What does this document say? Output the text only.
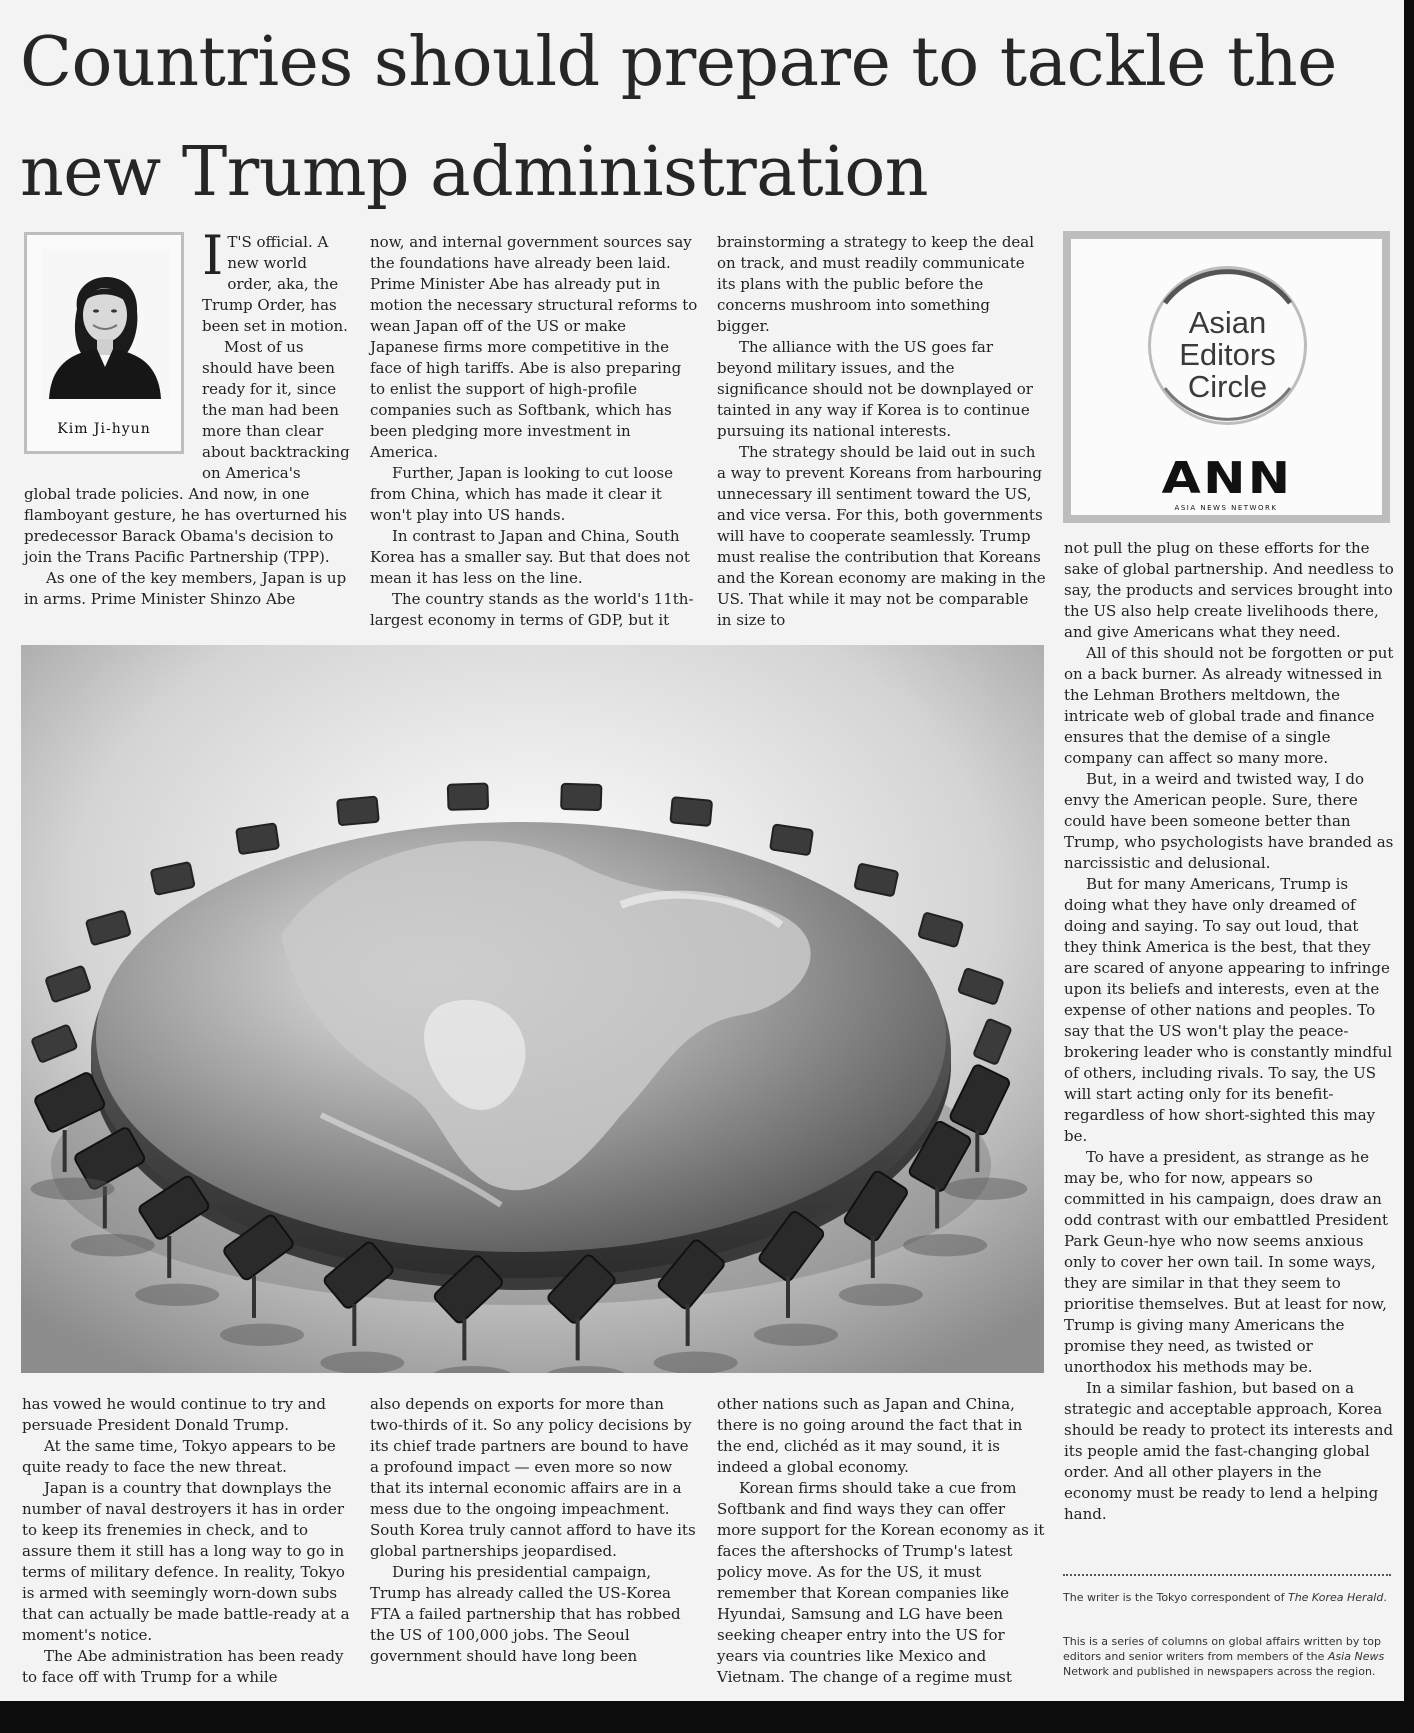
Countries should prepare to tackle the new Trump administration
Kim Ji-hyun

I T'S official. A new world order, aka, the Trump Order, has been set in motion.

Most of us should have been ready for it, since the man had been more than clear about backtracking on America's global trade policies. And now, in one flamboyant gesture, he has overturned his predecessor Barack Obama's decision to join the Trans Pacific Partnership (TPP).

As one of the key members, Japan is up in arms. Prime Minister Shinzo Abe

now, and internal government sources say the foundations have already been laid. Prime Minister Abe has already put in motion the necessary structural reforms to wean Japan off of the US or make Japanese firms more competitive in the face of high tariffs. Abe is also preparing to enlist the support of high-profile companies such as Softbank, which has been pledging more investment in America.

Further, Japan is looking to cut loose from China, which has made it clear it won't play into US hands.

In contrast to Japan and China, South Korea has a smaller say. But that does not mean it has less on the line.

The country stands as the world's 11th-largest economy in terms of GDP, but it

brainstorming a strategy to keep the deal on track, and must readily communicate its plans with the public before the concerns mushroom into something bigger.

The alliance with the US goes far beyond military issues, and the significance should not be downplayed or tainted in any way if Korea is to continue pursuing its national interests.

The strategy should be laid out in such a way to prevent Koreans from harbouring unnecessary ill sentiment toward the US, and vice versa. For this, both governments will have to cooperate seamlessly. Trump must realise the contribution that Koreans and the Korean economy are making in the US. That while it may not be comparable in size to

Asian
Editors
Circle
ANN
ASIA NEWS NETWORK

not pull the plug on these efforts for the sake of global partnership. And needless to say, the products and services brought into the US also help create livelihoods there, and give Americans what they need.

All of this should not be forgotten or put on a back burner. As already witnessed in the Lehman Brothers meltdown, the intricate web of global trade and finance ensures that the demise of a single company can affect so many more.

But, in a weird and twisted way, I do envy the American people. Sure, there could have been someone better than Trump, who psychologists have branded as narcissistic and delusional.

But for many Americans, Trump is doing what they have only dreamed of doing and saying. To say out loud, that they think America is the best, that they are scared of anyone appearing to infringe upon its beliefs and interests, even at the expense of other nations and peoples. To say that the US won't play the peace-brokering leader who is constantly mindful of others, including rivals. To say, the US will start acting only for its benefit-regardless of how short-sighted this may be.

To have a president, as strange as he may be, who for now, appears so committed in his campaign, does draw an odd contrast with our embattled President Park Geun-hye who now seems anxious only to cover her own tail. In some ways, they are similar in that they seem to prioritise themselves. But at least for now, Trump is giving many Americans the promise they need, as twisted or unorthodox his methods may be.

In a similar fashion, but based on a strategic and acceptable approach, Korea should be ready to protect its interests and its people amid the fast-changing global order. And all other players in the economy must be ready to lend a helping hand.

has vowed he would continue to try and persuade President Donald Trump.

At the same time, Tokyo appears to be quite ready to face the new threat.

Japan is a country that downplays the number of naval destroyers it has in order to keep its frenemies in check, and to assure them it still has a long way to go in terms of military defence. In reality, Tokyo is armed with seemingly worn-down subs that can actually be made battle-ready at a moment's notice.

The Abe administration has been ready to face off with Trump for a while

also depends on exports for more than two-thirds of it. So any policy decisions by its chief trade partners are bound to have a profound impact — even more so now that its internal economic affairs are in a mess due to the ongoing impeachment. South Korea truly cannot afford to have its global partnerships jeopardised.

During his presidential campaign, Trump has already called the US-Korea FTA a failed partnership that has robbed the US of 100,000 jobs. The Seoul government should have long been

other nations such as Japan and China, there is no going around the fact that in the end, clichéd as it may sound, it is indeed a global economy.

Korean firms should take a cue from Softbank and find ways they can offer more support for the Korean economy as it faces the aftershocks of Trump's latest policy move. As for the US, it must remember that Korean companies like Hyundai, Samsung and LG have been seeking cheaper entry into the US for years via countries like Mexico and Vietnam. The change of a regime must

The writer is the Tokyo correspondent of The Korea Herald.

This is a series of columns on global affairs written by top editors and senior writers from members of the Asia News Network and published in newspapers across the region.
